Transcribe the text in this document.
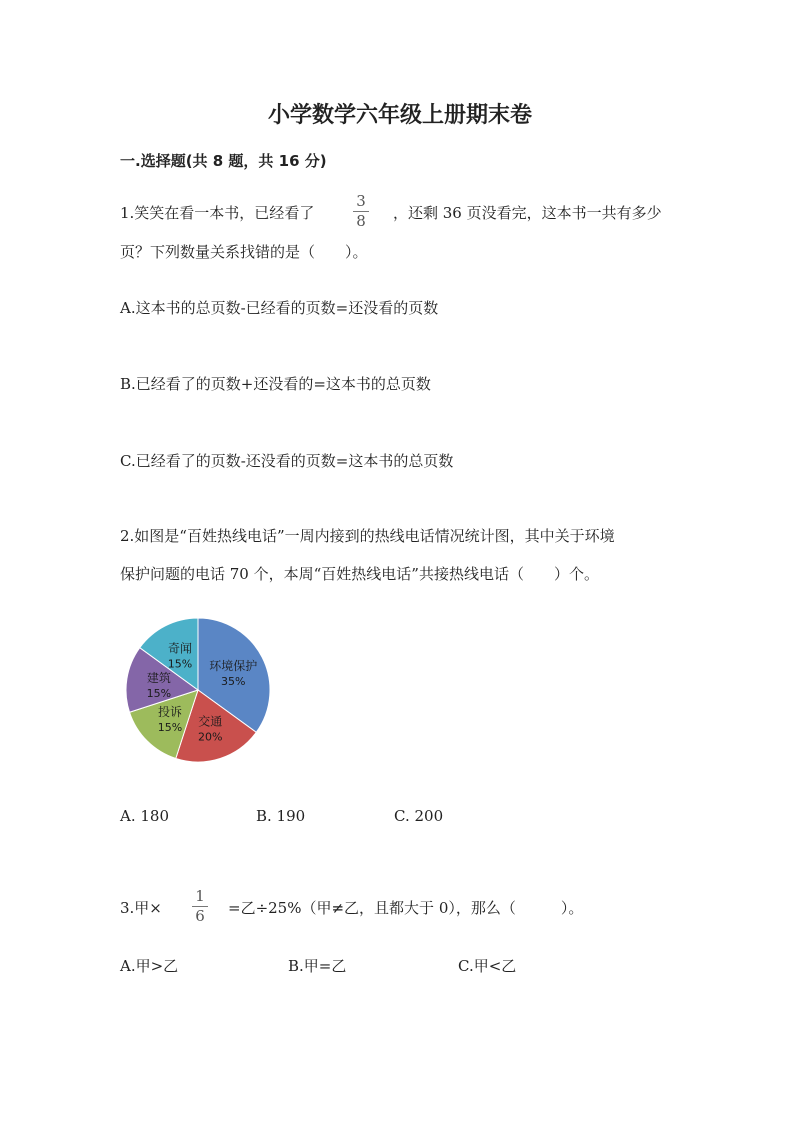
小学数学六年级上册期末卷
一.选择题(共 8 题，共 16 分)
1.笑笑在看一本书，已经看了
3
8	，还剩 36 页没看完，这本书一共有多少
页？下列数量关系找错的是（　　）。
A.这本书的总页数-已经看的页数=还没看的页数
B.已经看了的页数+还没看的=这本书的总页数
C.已经看了的页数-还没看的页数=这本书的总页数
2.如图是“百姓热线电话”一周内接到的热线电话情况统计图，其中关于环境
保护问题的电话 70 个，本周“百姓热线电话”共接热线电话（　　）个。
环境保护
35%
交通
20%
投诉
15%
建筑
15%
奇闻
15%
A. 180	B. 190	C. 200
3.甲×
1
6	=乙÷25%（甲≠乙，且都大于 0），那么（　　　）。
A.甲>乙	B.甲=乙	C.甲<乙
